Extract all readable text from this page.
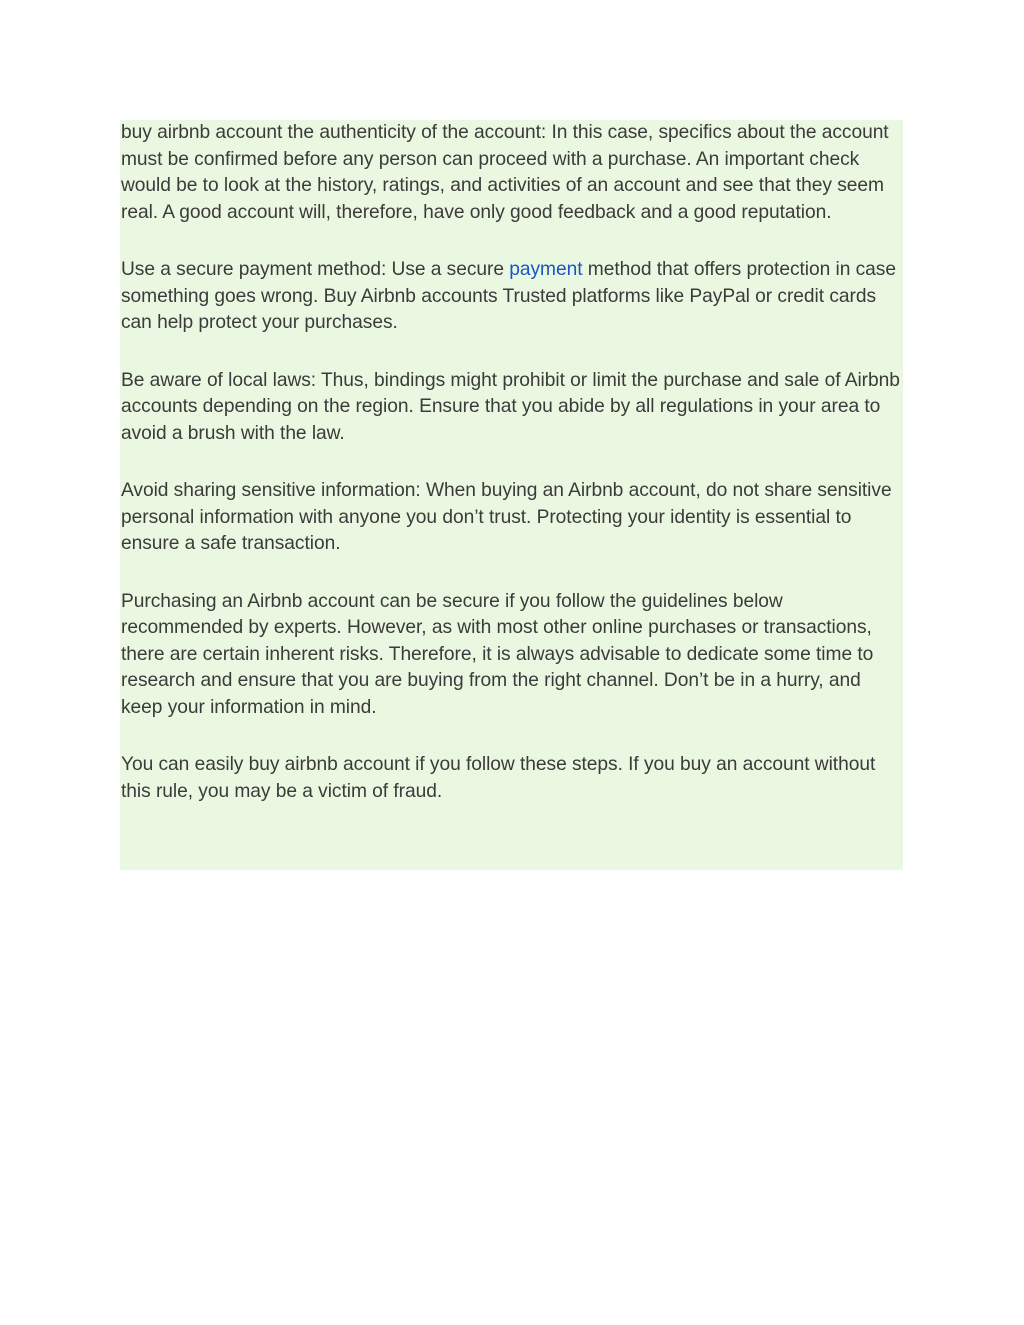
buy airbnb account the authenticity of the account: In this case, specifics about the account must be confirmed before any person can proceed with a purchase. An important check would be to look at the history, ratings, and activities of an account and see that they seem real. A good account will, therefore, have only good feedback and a good reputation.

Use a secure payment method: Use a secure payment method that offers protection in case something goes wrong. Buy Airbnb accounts Trusted platforms like PayPal or credit cards can help protect your purchases.

Be aware of local laws: Thus, bindings might prohibit or limit the purchase and sale of Airbnb accounts depending on the region. Ensure that you abide by all regulations in your area to avoid a brush with the law.

Avoid sharing sensitive information: When buying an Airbnb account, do not share sensitive personal information with anyone you don’t trust. Protecting your identity is essential to ensure a safe transaction.

Purchasing an Airbnb account can be secure if you follow the guidelines below recommended by experts. However, as with most other online purchases or transactions, there are certain inherent risks. Therefore, it is always advisable to dedicate some time to research and ensure that you are buying from the right channel. Don’t be in a hurry, and keep your information in mind.

You can easily buy airbnb account if you follow these steps. If you buy an account without this rule, you may be a victim of fraud.
